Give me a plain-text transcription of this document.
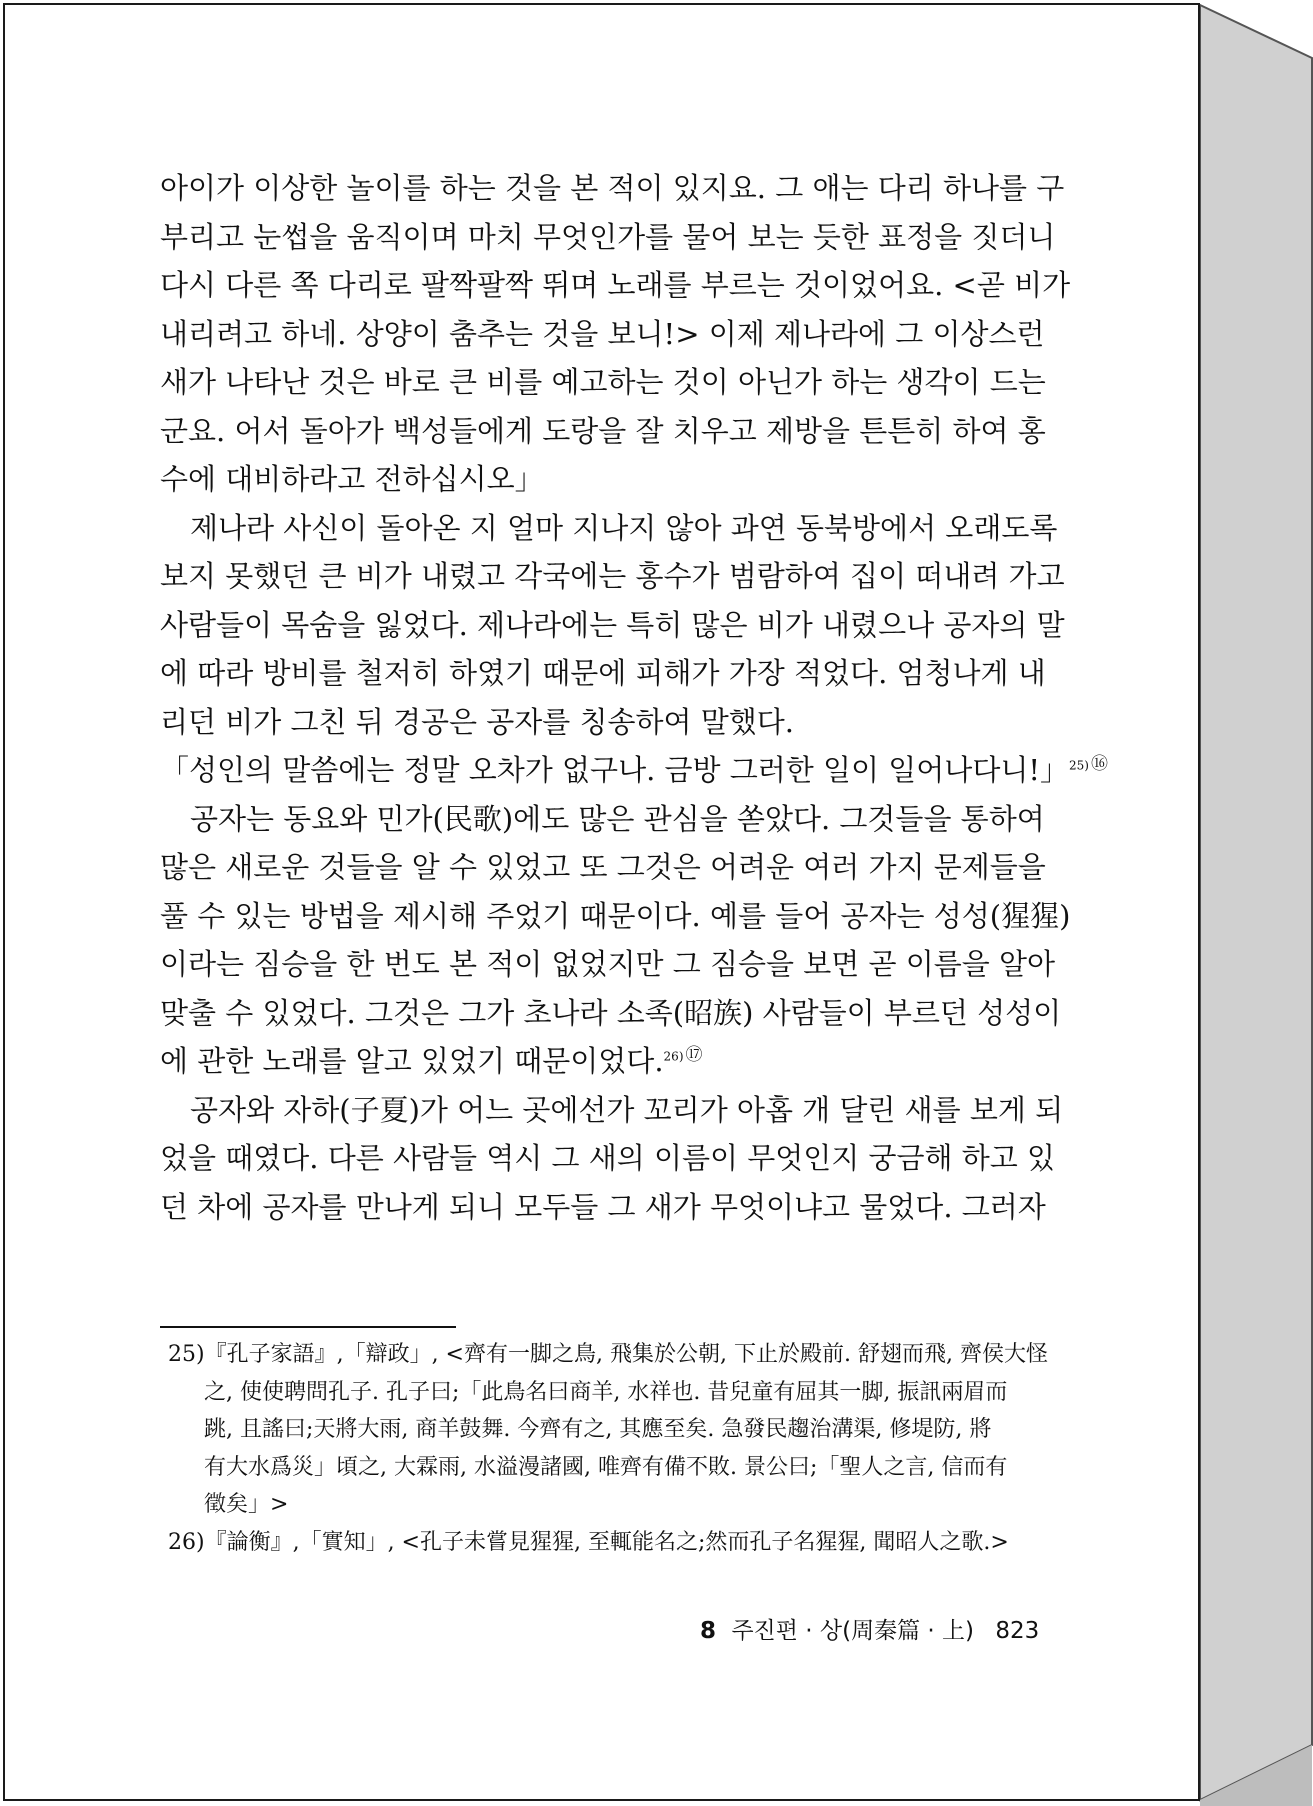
아이가 이상한 놀이를 하는 것을 본 적이 있지요. 그 애는 다리 하나를 구
부리고 눈썹을 움직이며 마치 무엇인가를 물어 보는 듯한 표정을 짓더니
다시 다른 쪽 다리로 팔짝팔짝 뛰며 노래를 부르는 것이었어요. <곧 비가
내리려고 하네. 상양이 춤추는 것을 보니!> 이제 제나라에 그 이상스런
새가 나타난 것은 바로 큰 비를 예고하는 것이 아닌가 하는 생각이 드는
군요. 어서 돌아가 백성들에게 도랑을 잘 치우고 제방을 튼튼히 하여 홍
수에 대비하라고 전하십시오」
제나라 사신이 돌아온 지 얼마 지나지 않아 과연 동북방에서 오래도록
보지 못했던 큰 비가 내렸고 각국에는 홍수가 범람하여 집이 떠내려 가고
사람들이 목숨을 잃었다. 제나라에는 특히 많은 비가 내렸으나 공자의 말
에 따라 방비를 철저히 하였기 때문에 피해가 가장 적었다. 엄청나게 내
리던 비가 그친 뒤 경공은 공자를 칭송하여 말했다.
「성인의 말씀에는 정말 오차가 없구나. 금방 그러한 일이 일어나다니!」$^{25)}$ ⑯
공자는 동요와 민가(民歌)에도 많은 관심을 쏟았다. 그것들을 통하여
많은 새로운 것들을 알 수 있었고 또 그것은 어려운 여러 가지 문제들을
풀 수 있는 방법을 제시해 주었기 때문이다. 예를 들어 공자는 성성(猩猩)
이라는 짐승을 한 번도 본 적이 없었지만 그 짐승을 보면 곧 이름을 알아
맞출 수 있었다. 그것은 그가 초나라 소족(昭族) 사람들이 부르던 성성이
에 관한 노래를 알고 있었기 때문이었다.$^{26)}$ ⑰
공자와 자하(子夏)가 어느 곳에선가 꼬리가 아홉 개 달린 새를 보게 되
었을 때였다. 다른 사람들 역시 그 새의 이름이 무엇인지 궁금해 하고 있
던 차에 공자를 만나게 되니 모두들 그 새가 무엇이냐고 물었다. 그러자
25)『孔子家語』,「辯政」, <齊有一脚之鳥, 飛集於公朝, 下止於殿前. 舒翅而飛, 齊侯大怪
之, 使使聘問孔子. 孔子曰;「此鳥名曰商羊, 水祥也. 昔兒童有屈其一脚, 振訊兩眉而
跳, 且謠曰;天將大雨, 商羊鼓舞. 今齊有之, 其應至矣. 急發民趨治溝渠, 修堤防, 將
有大水爲災」頃之, 大霖雨, 水溢漫諸國, 唯齊有備不敗. 景公曰;「聖人之言, 信而有
徵矣」>
26)『論衡』,「實知」, <孔子未嘗見猩猩, 至輒能名之;然而孔子名猩猩, 聞昭人之歌.>
8 주진편 · 상(周秦篇 · 上) 823
